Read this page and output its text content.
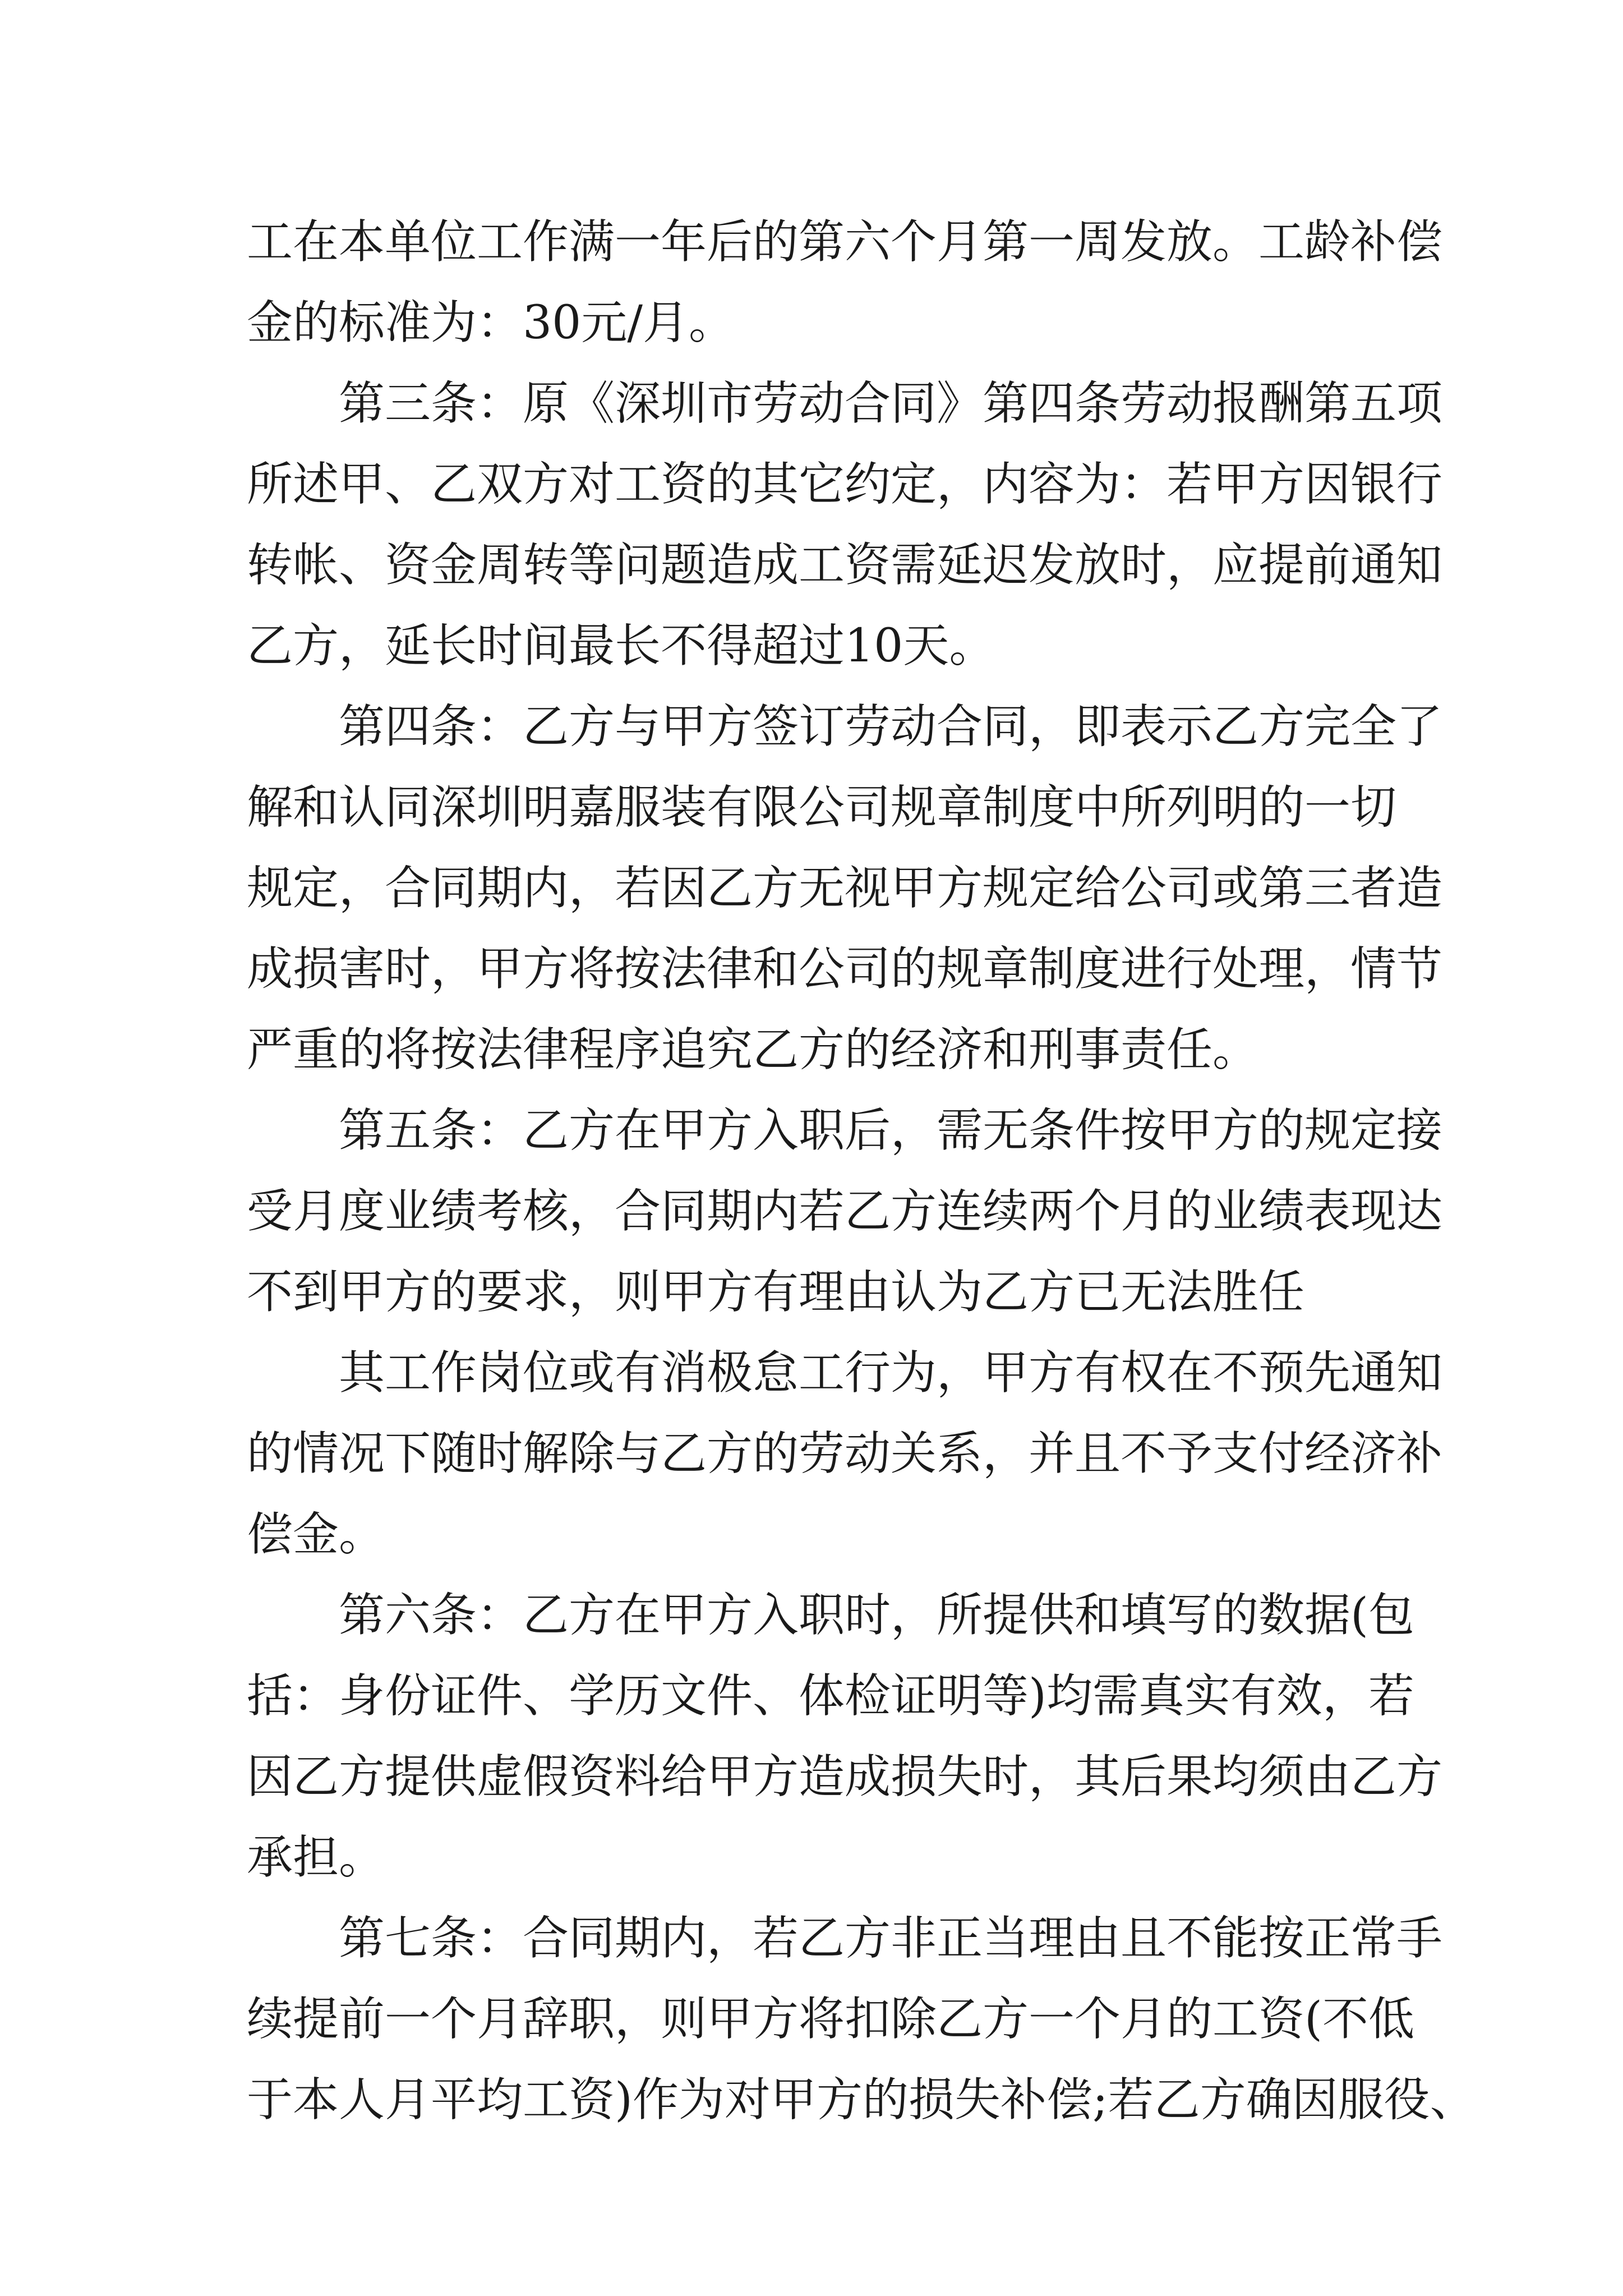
工在本单位工作满一年后的第六个月第一周发放。工龄补偿
金的标准为：30元/月。
第三条：原《深圳市劳动合同》第四条劳动报酬第五项
所述甲、乙双方对工资的其它约定，内容为：若甲方因银行
转帐、资金周转等问题造成工资需延迟发放时，应提前通知
乙方，延长时间最长不得超过10天。
第四条：乙方与甲方签订劳动合同，即表示乙方完全了
解和认同深圳明嘉服装有限公司规章制度中所列明的一切
规定，合同期内，若因乙方无视甲方规定给公司或第三者造
成损害时，甲方将按法律和公司的规章制度进行处理，情节
严重的将按法律程序追究乙方的经济和刑事责任。
第五条：乙方在甲方入职后，需无条件按甲方的规定接
受月度业绩考核，合同期内若乙方连续两个月的业绩表现达
不到甲方的要求，则甲方有理由认为乙方已无法胜任
其工作岗位或有消极怠工行为，甲方有权在不预先通知
的情况下随时解除与乙方的劳动关系，并且不予支付经济补
偿金。
第六条：乙方在甲方入职时，所提供和填写的数据(包
括：身份证件、学历文件、体检证明等)均需真实有效，若
因乙方提供虚假资料给甲方造成损失时，其后果均须由乙方
承担。
第七条：合同期内，若乙方非正当理由且不能按正常手
续提前一个月辞职，则甲方将扣除乙方一个月的工资(不低
于本人月平均工资)作为对甲方的损失补偿;若乙方确因服役、
